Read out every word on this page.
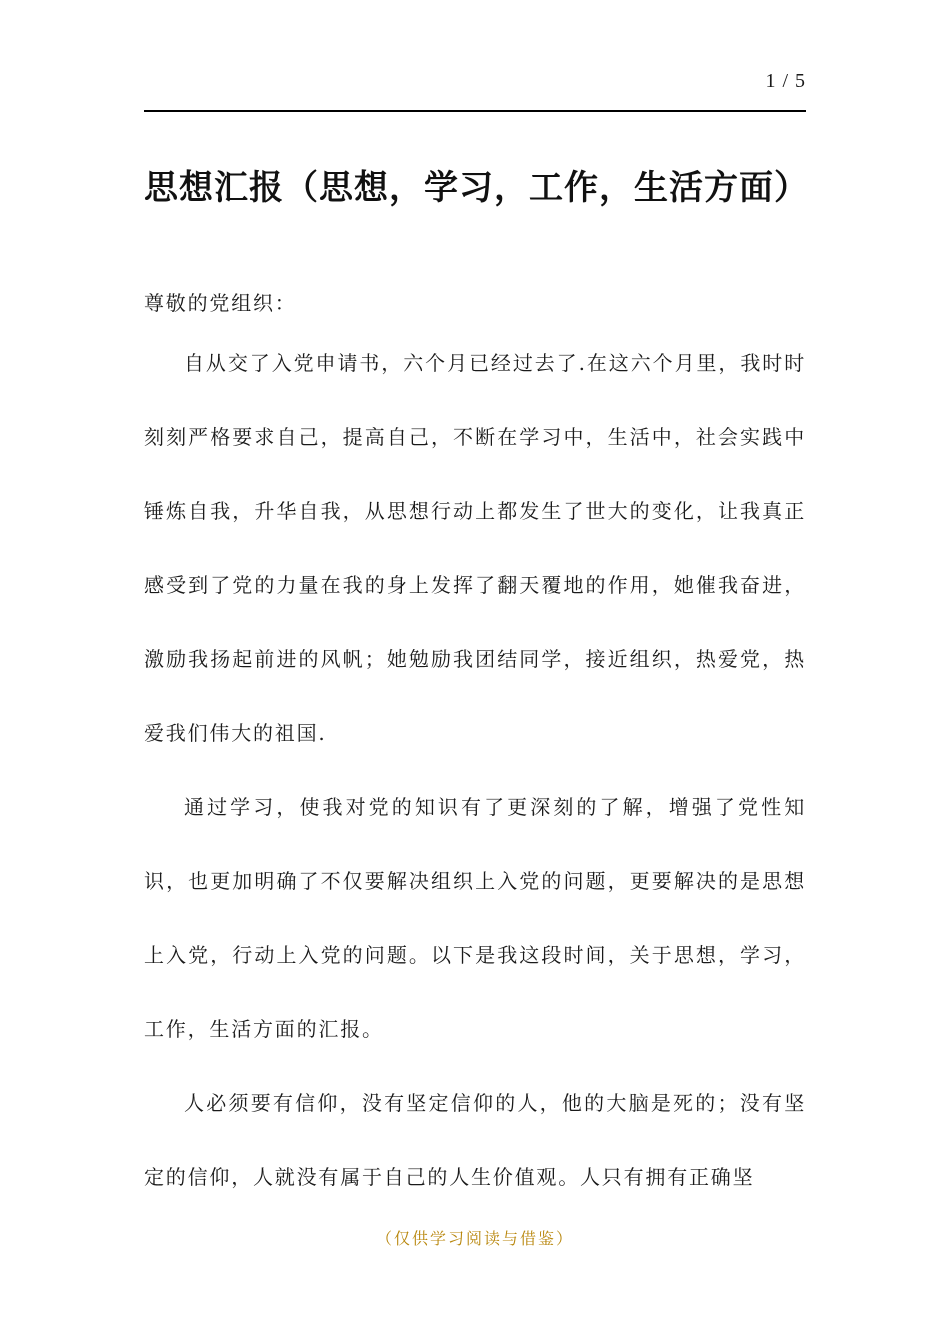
1 / 5
思想汇报（思想，学习，工作，生活方面）

尊敬的党组织：

自从交了入党申请书，六个月已经过去了.在这六个月里，我时时刻刻严格要求自己，提高自己，不断在学习中，生活中，社会实践中锤炼自我，升华自我，从思想行动上都发生了世大的变化，让我真正感受到了党的力量在我的身上发挥了翻天覆地的作用，她催我奋进，激励我扬起前进的风帆；她勉励我团结同学，接近组织，热爱党，热爱我们伟大的祖国.

通过学习，使我对党的知识有了更深刻的了解，增强了党性知识，也更加明确了不仅要解决组织上入党的问题，更要解决的是思想上入党，行动上入党的问题。以下是我这段时间，关于思想，学习，工作，生活方面的汇报。

人必须要有信仰，没有坚定信仰的人，他的大脑是死的；没有坚定的信仰，人就没有属于自己的人生价值观。人只有拥有正确坚

（仅供学习阅读与借鉴）
